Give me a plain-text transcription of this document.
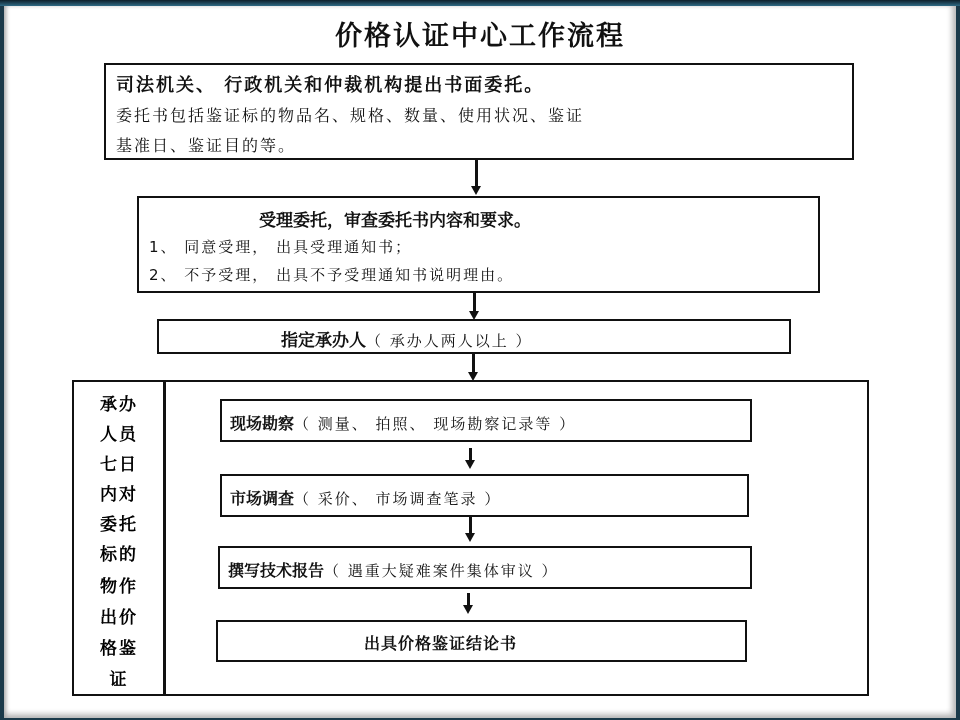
价格认证中心工作流程
司法机关、 行政机关和仲裁机构提出书面委托。
委托书包括鉴证标的物品名、规格、数量、使用状况、鉴证
基准日、鉴证目的等。
受理委托，审查委托书内容和要求。
1、 同意受理， 出具受理通知书；
2、 不予受理， 出具不予受理通知书说明理由。
指定承办人（ 承办人两人以上 ）
承办
人员
七日
内对
委托
标的
物作
出价
格鉴
证
现场勘察（ 测量、 拍照、 现场勘察记录等 ）
市场调查（ 采价、 市场调查笔录 ）
撰写技术报告（ 遇重大疑难案件集体审议 ）
出具价格鉴证结论书
